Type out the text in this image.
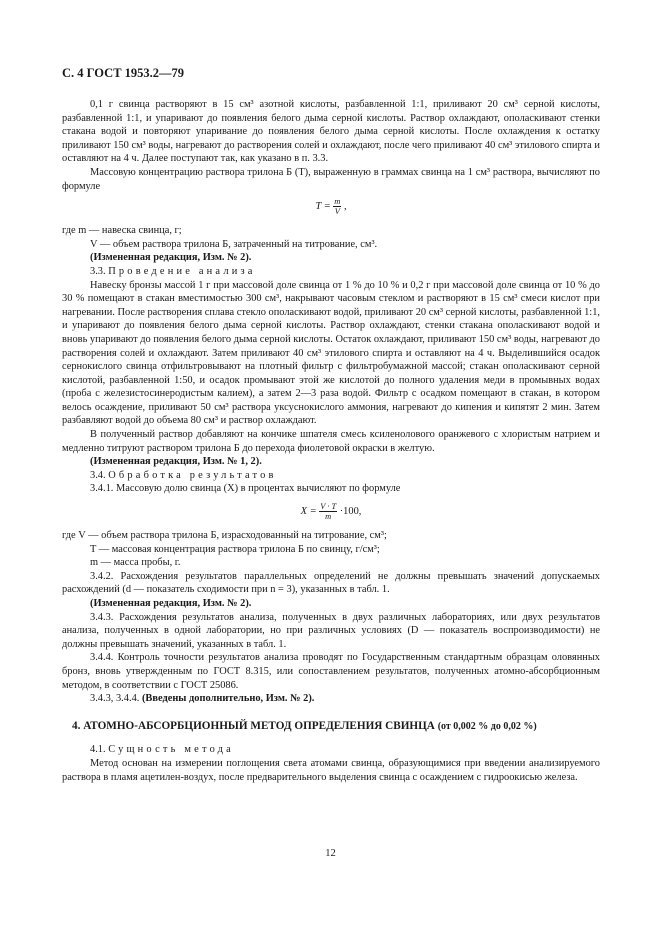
С. 4 ГОСТ 1953.2—79

0,1 г свинца растворяют в 15 см³ азотной кислоты, разбавленной 1:1, приливают 20 см³ серной кислоты, разбавленной 1:1, и упаривают до появления белого дыма серной кислоты. Раствор охлаждают, ополаскивают стенки стакана водой и повторяют упаривание до появления белого дыма серной кислоты. После охлаждения к остатку приливают 150 см³ воды, нагревают до растворения солей и охлаждают, после чего приливают 40 см³ этилового спирта и оставляют на 4 ч. Далее поступают так, как указано в п. 3.3.

Массовую концентрацию раствора трилона Б (Т), выраженную в граммах свинца на 1 см³ раствора, вычисляют по формуле

$T = \frac{m}{V}$ ,

где m — навеска свинца, г;

V — объем раствора трилона Б, затраченный на титрование, см³.

(Измененная редакция, Изм. № 2).

3.3. Проведение анализа

Навеску бронзы массой 1 г при массовой доле свинца от 1 % до 10 % и 0,2 г при массовой доле свинца от 10 % до 30 % помещают в стакан вместимостью 300 см³, накрывают часовым стеклом и растворяют в 15 см³ смеси кислот при нагревании. После растворения сплава стекло ополаскивают водой, приливают 20 см³ серной кислоты, разбавленной 1:1, и упаривают до появления белого дыма серной кислоты. Раствор охлаждают, стенки стакана ополаскивают водой и вновь упаривают до появления белого дыма серной кислоты. Остаток охлаждают, приливают 150 см³ воды, нагревают до растворения солей и охлаждают. Затем приливают 40 см³ этилового спирта и оставляют на 4 ч. Выделившийся осадок сернокислого свинца отфильтровывают на плотный фильтр с фильтробумажной массой; стакан ополаскивают серной кислотой, разбавленной 1:50, и осадок промывают этой же кислотой до полного удаления меди в промывных водах (проба с железистосинеродистым калием), а затем 2—3 раза водой. Фильтр с осадком помещают в стакан, в котором велось осаждение, приливают 50 см³ раствора уксуснокислого аммония, нагревают до кипения и кипятят 2 мин. Затем разбавляют водой до объема 80 см³ и раствор охлаждают.

В полученный раствор добавляют на кончике шпателя смесь ксиленолового оранжевого с хлористым натрием и медленно титруют раствором трилона Б до перехода фиолетовой окраски в желтую.

(Измененная редакция, Изм. № 1, 2).

3.4. Обработка результатов

3.4.1. Массовую долю свинца (X) в процентах вычисляют по формуле

$X = \frac{V \cdot T}{m} \cdot 100$,

где V — объем раствора трилона Б, израсходованный на титрование, см³;

T — массовая концентрация раствора трилона Б по свинцу, г/см³;

m — масса пробы, г.

3.4.2. Расхождения результатов параллельных определений не должны превышать значений допускаемых расхождений (d — показатель сходимости при n = 3), указанных в табл. 1.

(Измененная редакция, Изм. № 2).

3.4.3. Расхождения результатов анализа, полученных в двух различных лабораториях, или двух результатов анализа, полученных в одной лаборатории, но при различных условиях (D — показатель воспроизводимости) не должны превышать значений, указанных в табл. 1.

3.4.4. Контроль точности результатов анализа проводят по Государственным стандартным образцам оловянных бронз, вновь утвержденным по ГОСТ 8.315, или сопоставлением результатов, полученных атомно-абсорбционным методом, в соответствии с ГОСТ 25086.

3.4.3, 3.4.4. (Введены дополнительно, Изм. № 2).

4. АТОМНО-АБСОРБЦИОННЫЙ МЕТОД ОПРЕДЕЛЕНИЯ СВИНЦА (от 0,002 % до 0,02 %)

4.1. Сущность метода

Метод основан на измерении поглощения света атомами свинца, образующимися при введении анализируемого раствора в пламя ацетилен-воздух, после предварительного выделения свинца с осаждением с гидроокисью железа.

12
